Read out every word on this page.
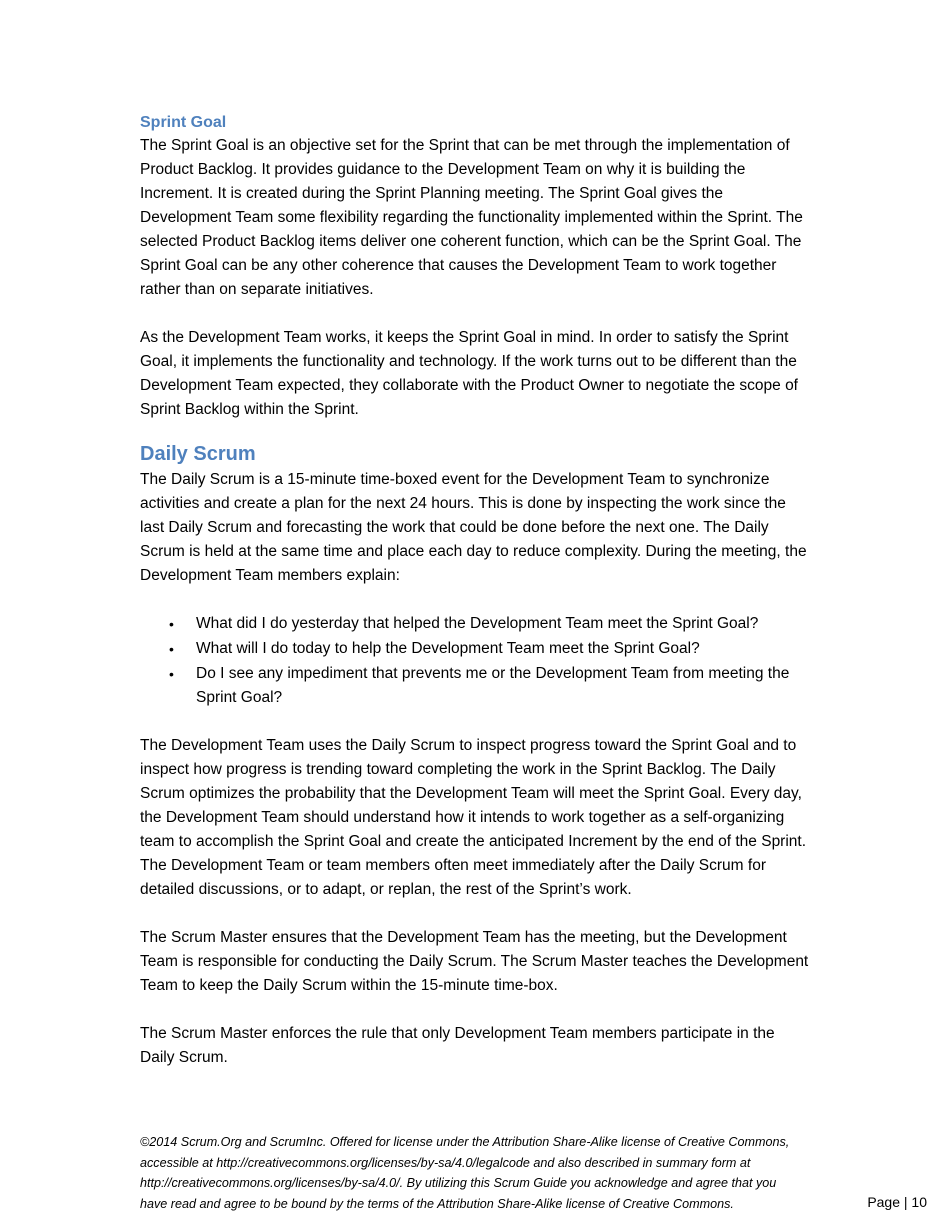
Sprint Goal

The Sprint Goal is an objective set for the Sprint that can be met through the implementation of Product Backlog. It provides guidance to the Development Team on why it is building the Increment. It is created during the Sprint Planning meeting. The Sprint Goal gives the Development Team some flexibility regarding the functionality implemented within the Sprint. The selected Product Backlog items deliver one coherent function, which can be the Sprint Goal. The Sprint Goal can be any other coherence that causes the Development Team to work together rather than on separate initiatives.

As the Development Team works, it keeps the Sprint Goal in mind. In order to satisfy the Sprint Goal, it implements the functionality and technology. If the work turns out to be different than the Development Team expected, they collaborate with the Product Owner to negotiate the scope of Sprint Backlog within the Sprint.

Daily Scrum

The Daily Scrum is a 15-minute time-boxed event for the Development Team to synchronize activities and create a plan for the next 24 hours. This is done by inspecting the work since the last Daily Scrum and forecasting the work that could be done before the next one. The Daily Scrum is held at the same time and place each day to reduce complexity. During the meeting, the Development Team members explain:

• What did I do yesterday that helped the Development Team meet the Sprint Goal?
• What will I do today to help the Development Team meet the Sprint Goal?
• Do I see any impediment that prevents me or the Development Team from meeting the Sprint Goal?

The Development Team uses the Daily Scrum to inspect progress toward the Sprint Goal and to inspect how progress is trending toward completing the work in the Sprint Backlog. The Daily Scrum optimizes the probability that the Development Team will meet the Sprint Goal. Every day, the Development Team should understand how it intends to work together as a self-organizing team to accomplish the Sprint Goal and create the anticipated Increment by the end of the Sprint. The Development Team or team members often meet immediately after the Daily Scrum for detailed discussions, or to adapt, or replan, the rest of the Sprint’s work.

The Scrum Master ensures that the Development Team has the meeting, but the Development Team is responsible for conducting the Daily Scrum. The Scrum Master teaches the Development Team to keep the Daily Scrum within the 15-minute time-box.

The Scrum Master enforces the rule that only Development Team members participate in the Daily Scrum.

©2014 Scrum.Org and ScrumInc. Offered for license under the Attribution Share-Alike license of Creative Commons, accessible at http://creativecommons.org/licenses/by-sa/4.0/legalcode and also described in summary form at http://creativecommons.org/licenses/by-sa/4.0/. By utilizing this Scrum Guide you acknowledge and agree that you have read and agree to be bound by the terms of the Attribution Share-Alike license of Creative Commons.	Page | 10
